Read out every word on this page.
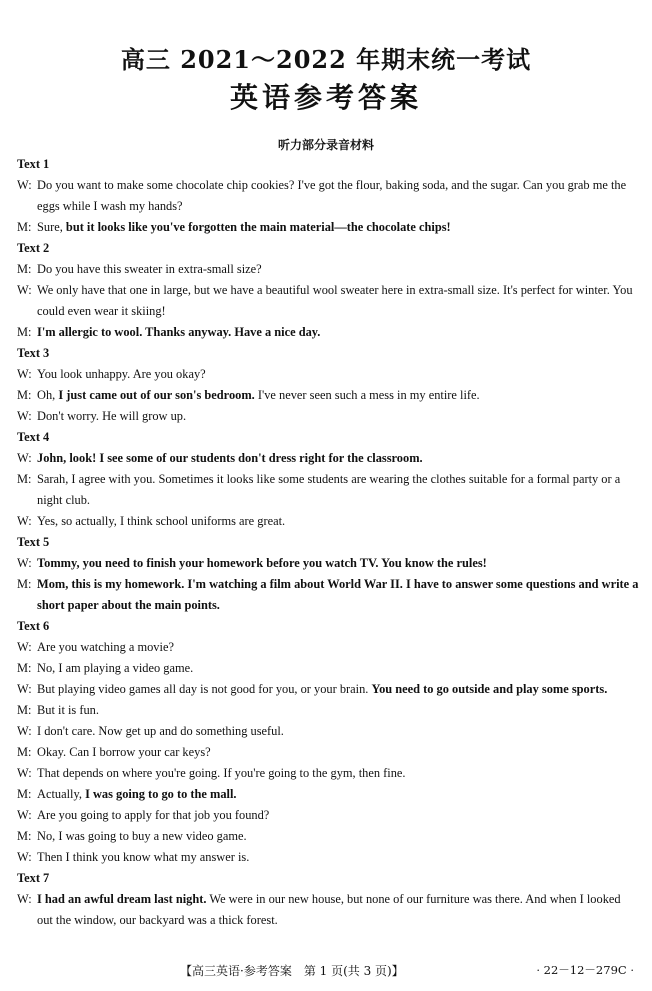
高三 2021～2022 年期末统一考试
英语参考答案
听力部分录音材料
Text 1
W: Do you want to make some chocolate chip cookies? I've got the flour, baking soda, and the sugar. Can you grab me the eggs while I wash my hands?
M: Sure, but it looks like you've forgotten the main material—the chocolate chips!
Text 2
M: Do you have this sweater in extra-small size?
W: We only have that one in large, but we have a beautiful wool sweater here in extra-small size. It's perfect for winter. You could even wear it skiing!
M: I'm allergic to wool. Thanks anyway. Have a nice day.
Text 3
W: You look unhappy. Are you okay?
M: Oh, I just came out of our son's bedroom. I've never seen such a mess in my entire life.
W: Don't worry. He will grow up.
Text 4
W: John, look! I see some of our students don't dress right for the classroom.
M: Sarah, I agree with you. Sometimes it looks like some students are wearing the clothes suitable for a formal party or a night club.
W: Yes, so actually, I think school uniforms are great.
Text 5
W: Tommy, you need to finish your homework before you watch TV. You know the rules!
M: Mom, this is my homework. I'm watching a film about World War II. I have to answer some questions and write a short paper about the main points.
Text 6
W: Are you watching a movie?
M: No, I am playing a video game.
W: But playing video games all day is not good for you, or your brain. You need to go outside and play some sports.
M: But it is fun.
W: I don't care. Now get up and do something useful.
M: Okay. Can I borrow your car keys?
W: That depends on where you're going. If you're going to the gym, then fine.
M: Actually, I was going to go to the mall.
W: Are you going to apply for that job you found?
M: No, I was going to buy a new video game.
W: Then I think you know what my answer is.
Text 7
W: I had an awful dream last night. We were in our new house, but none of our furniture was there. And when I looked out the window, our backyard was a thick forest.
【高三英语·参考答案　第 1 页(共 3 页)】	· 22－12－279C ·
